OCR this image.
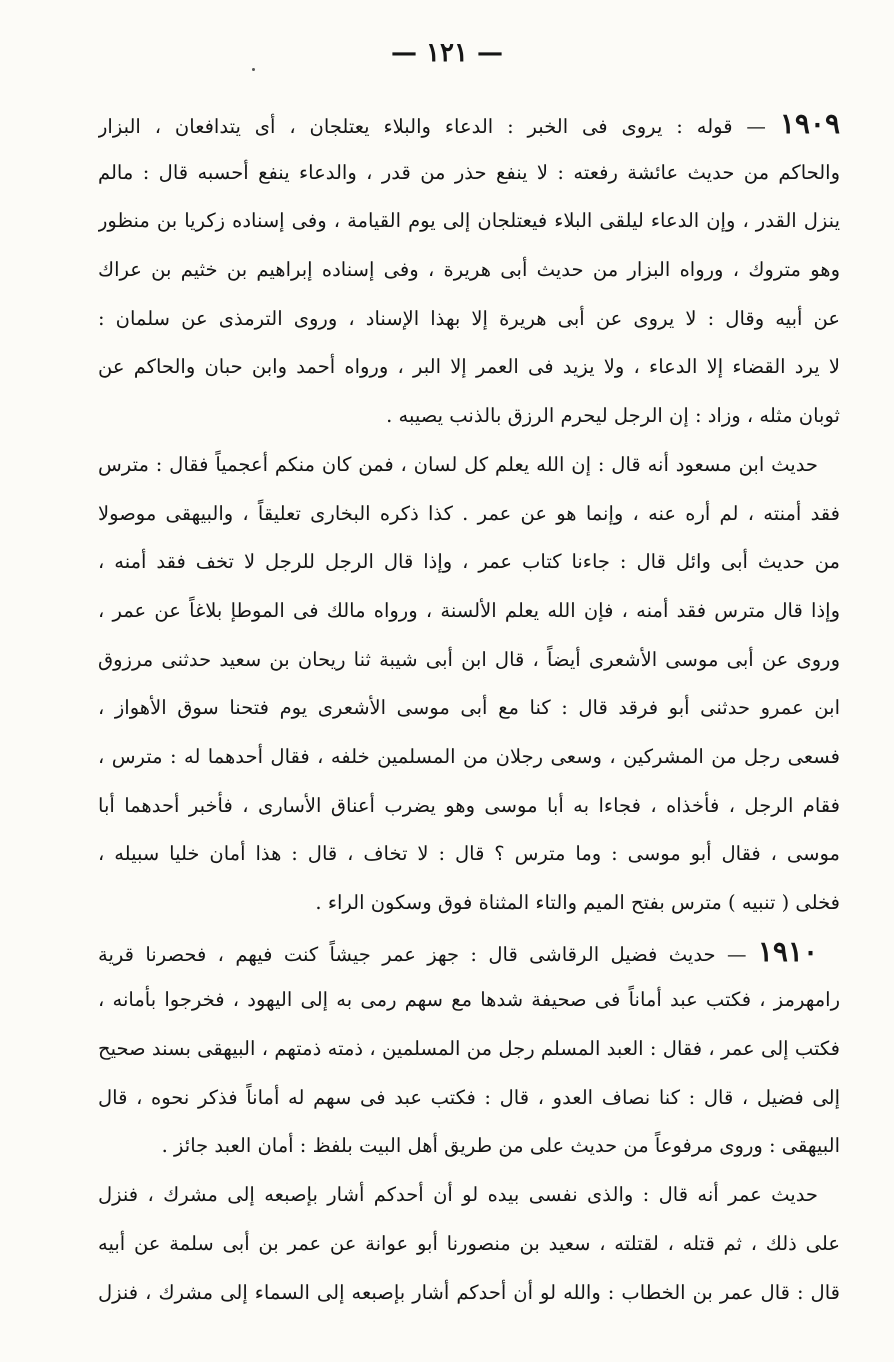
— ١٢١ —
١٩٠٩ — قوله : يروى فى الخبر : الدعاء والبلاء يعتلجان ، أى يتدافعان ، البزار
والحاكم من حديث عائشة رفعته : لا ينفع حذر من قدر ، والدعاء ينفع أحسبه قال : مالم
ينزل القدر ، وإن الدعاء ليلقى البلاء فيعتلجان إلى يوم القيامة ، وفى إسناده زكريا بن منظور
وهو متروك ، ورواه البزار من حديث أبى هريرة ، وفى إسناده إبراهيم بن خثيم بن عراك
عن أبيه وقال : لا يروى عن أبى هريرة إلا بهذا الإسناد ، وروى الترمذى عن سلمان :
لا يرد القضاء إلا الدعاء ، ولا يزيد فى العمر إلا البر ، ورواه أحمد وابن حبان والحاكم عن
ثوبان مثله ، وزاد : إن الرجل ليحرم الرزق بالذنب يصيبه .
حديث ابن مسعود أنه قال : إن الله يعلم كل لسان ، فمن كان منكم أعجمياً فقال : مترس
فقد أمنته ، لم أره عنه ، وإنما هو عن عمر . كذا ذكره البخارى تعليقاً ، والبيهقى موصولا
من حديث أبى وائل قال : جاءنا كتاب عمر ، وإذا قال الرجل للرجل لا تخف فقد أمنه ،
وإذا قال مترس فقد أمنه ، فإن الله يعلم الألسنة ، ورواه مالك فى الموطإ بلاغاً عن عمر ،
وروى عن أبى موسى الأشعرى أيضاً ، قال ابن أبى شيبة ثنا ريحان بن سعيد حدثنى مرزوق
ابن عمرو حدثنى أبو فرقد قال : كنا مع أبى موسى الأشعرى يوم فتحنا سوق الأهواز ،
فسعى رجل من المشركين ، وسعى رجلان من المسلمين خلفه ، فقال أحدهما له : مترس ،
فقام الرجل ، فأخذاه ، فجاءا به أبا موسى وهو يضرب أعناق الأسارى ، فأخبر أحدهما أبا
موسى ، فقال أبو موسى : وما مترس ؟ قال : لا تخاف ، قال : هذا أمان خليا سبيله ،
فخلى ( تنبيه ) مترس بفتح الميم والتاء المثناة فوق وسكون الراء .
١٩١٠ — حديث فضيل الرقاشى قال : جهز عمر جيشاً كنت فيهم ، فحصرنا قرية
رامهرمز ، فكتب عبد أماناً فى صحيفة شدها مع سهم رمى به إلى اليهود ، فخرجوا بأمانه ،
فكتب إلى عمر ، فقال : العبد المسلم رجل من المسلمين ، ذمته ذمتهم ، البيهقى بسند صحيح
إلى فضيل ، قال : كنا نصاف العدو ، قال : فكتب عبد فى سهم له أماناً فذكر نحوه ، قال
البيهقى : وروى مرفوعاً من حديث على من طريق أهل البيت بلفظ : أمان العبد جائز .
حديث عمر أنه قال : والذى نفسى بيده لو أن أحدكم أشار بإصبعه إلى مشرك ، فنزل
على ذلك ، ثم قتله ، لقتلته ، سعيد بن منصورنا أبو عوانة عن عمر بن أبى سلمة عن أبيه
قال : قال عمر بن الخطاب : والله لو أن أحدكم أشار بإصبعه إلى السماء إلى مشرك ، فنزل
